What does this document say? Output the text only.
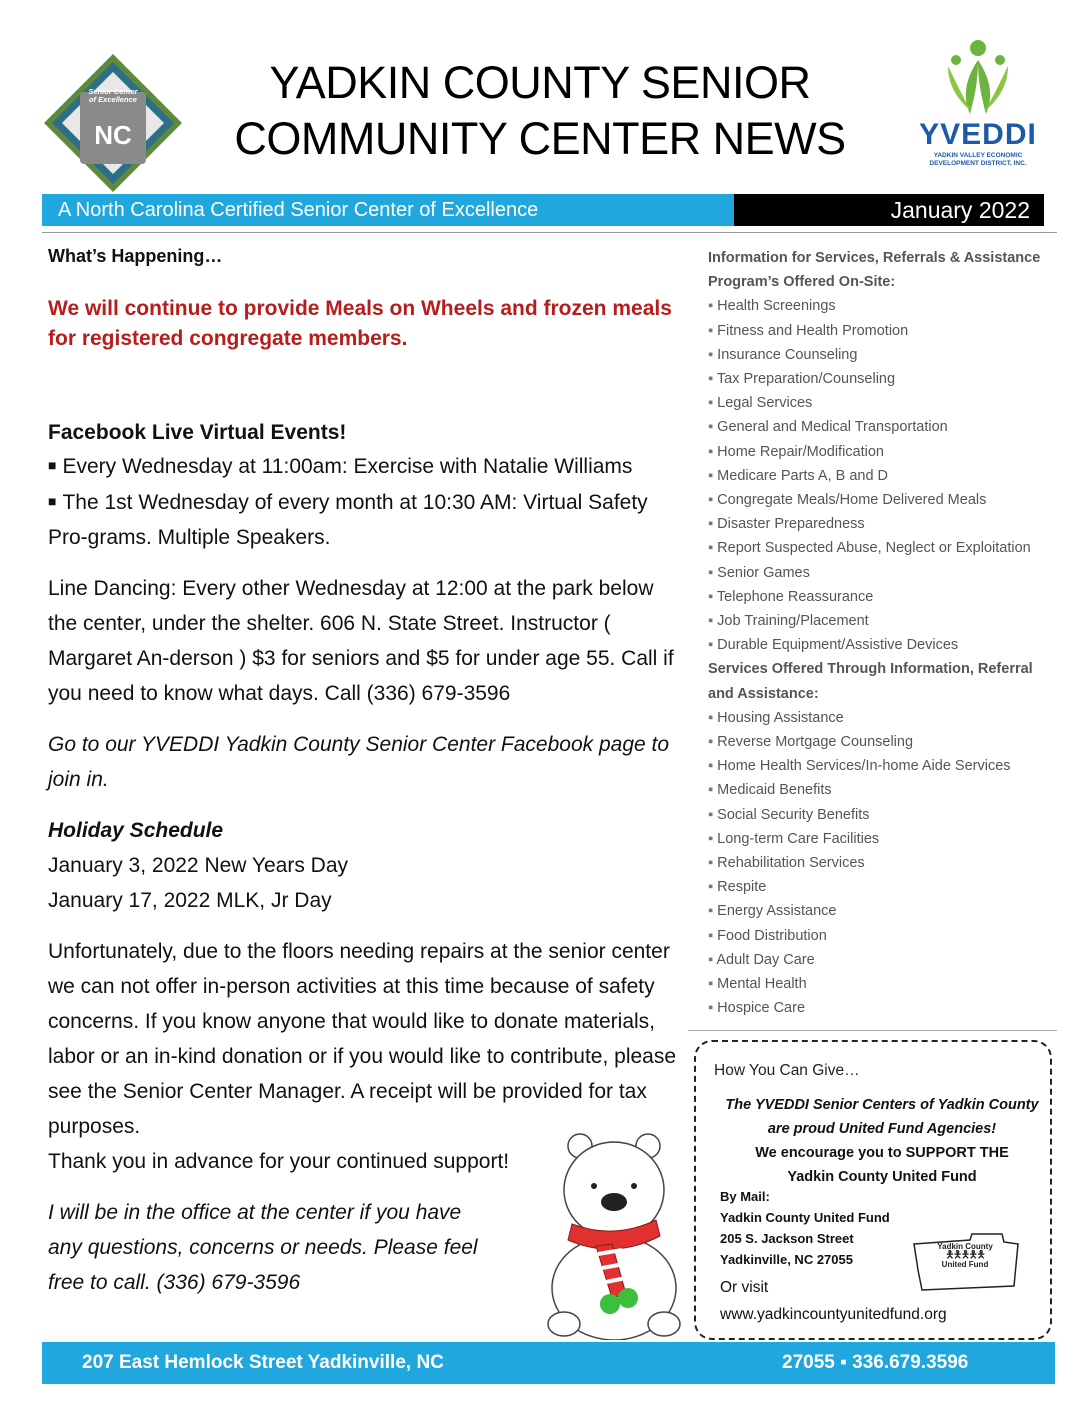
NC
Senior Center
of Excellence	YADKIN COUNTY SENIOR
COMMUNITY CENTER NEWS	YVEDDI
YADKIN VALLEY ECONOMIC DEVELOPMENT DISTRICT, INC.
A North Carolina Certified Senior Center of Excellence	January 2022

What’s Happening…

We will continue to provide Meals on Wheels and frozen meals for registered congregate members.

Facebook Live Virtual Events!

■ Every Wednesday at 11:00am: Exercise with Natalie Williams

■ The 1st Wednesday of every month at 10:30 AM: Virtual Safety Pro-grams. Multiple Speakers.

Line Dancing: Every other Wednesday at 12:00 at the park below the center, under the shelter. 606 N. State Street. Instructor ( Margaret An-derson ) $3 for seniors and $5 for under age 55. Call if you need to know what days. Call (336) 679-3596

Go to our YVEDDI Yadkin County Senior Center Facebook page to join in.

Holiday Schedule

January 3, 2022 New Years Day

January 17, 2022 MLK, Jr Day

Unfortunately, due to the floors needing repairs at the senior center we can not offer in-person activities at this time because of safety concerns. If you know anyone that would like to donate materials, labor or an in-kind donation or if you would like to contribute, please see the Senior Center Manager. A receipt will be provided for tax purposes.

Thank you in advance for your continued support!

I will be in the office at the center if you have any questions, concerns or needs. Please feel free to call. (336) 679-3596

Information for Services, Referrals & Assistance
Program’s Offered On-Site:
▪ Health Screenings
▪ Fitness and Health Promotion
▪ Insurance Counseling
▪ Tax Preparation/Counseling
▪ Legal Services
▪ General and Medical Transportation
▪ Home Repair/Modification
▪ Medicare Parts A, B and D
▪ Congregate Meals/Home Delivered Meals
▪ Disaster Preparedness
▪ Report Suspected Abuse, Neglect or Exploitation
▪ Senior Games
▪ Telephone Reassurance
▪ Job Training/Placement
▪ Durable Equipment/Assistive Devices
Services Offered Through Information, Referral and Assistance:
▪ Housing Assistance
▪ Reverse Mortgage Counseling
▪ Home Health Services/In-home Aide Services
▪ Medicaid Benefits
▪ Social Security Benefits
▪ Long-term Care Facilities
▪ Rehabilitation Services
▪ Respite
▪ Energy Assistance
▪ Food Distribution
▪ Adult Day Care
▪ Mental Health
▪ Hospice Care
How You Can Give…
The YVEDDI Senior Centers of Yadkin County
are proud United Fund Agencies!
We encourage you to SUPPORT THE
Yadkin County United Fund
By Mail:
Yadkin County United Fund
205 S. Jackson Street
Yadkinville, NC 27055
Or visit
www.yadkincountyunitedfund.org
Yadkin County
🯅🯅🯅🯅🯅
United Fund
207 East Hemlock Street Yadkinville, NC	27055 ▪ 336.679.3596
